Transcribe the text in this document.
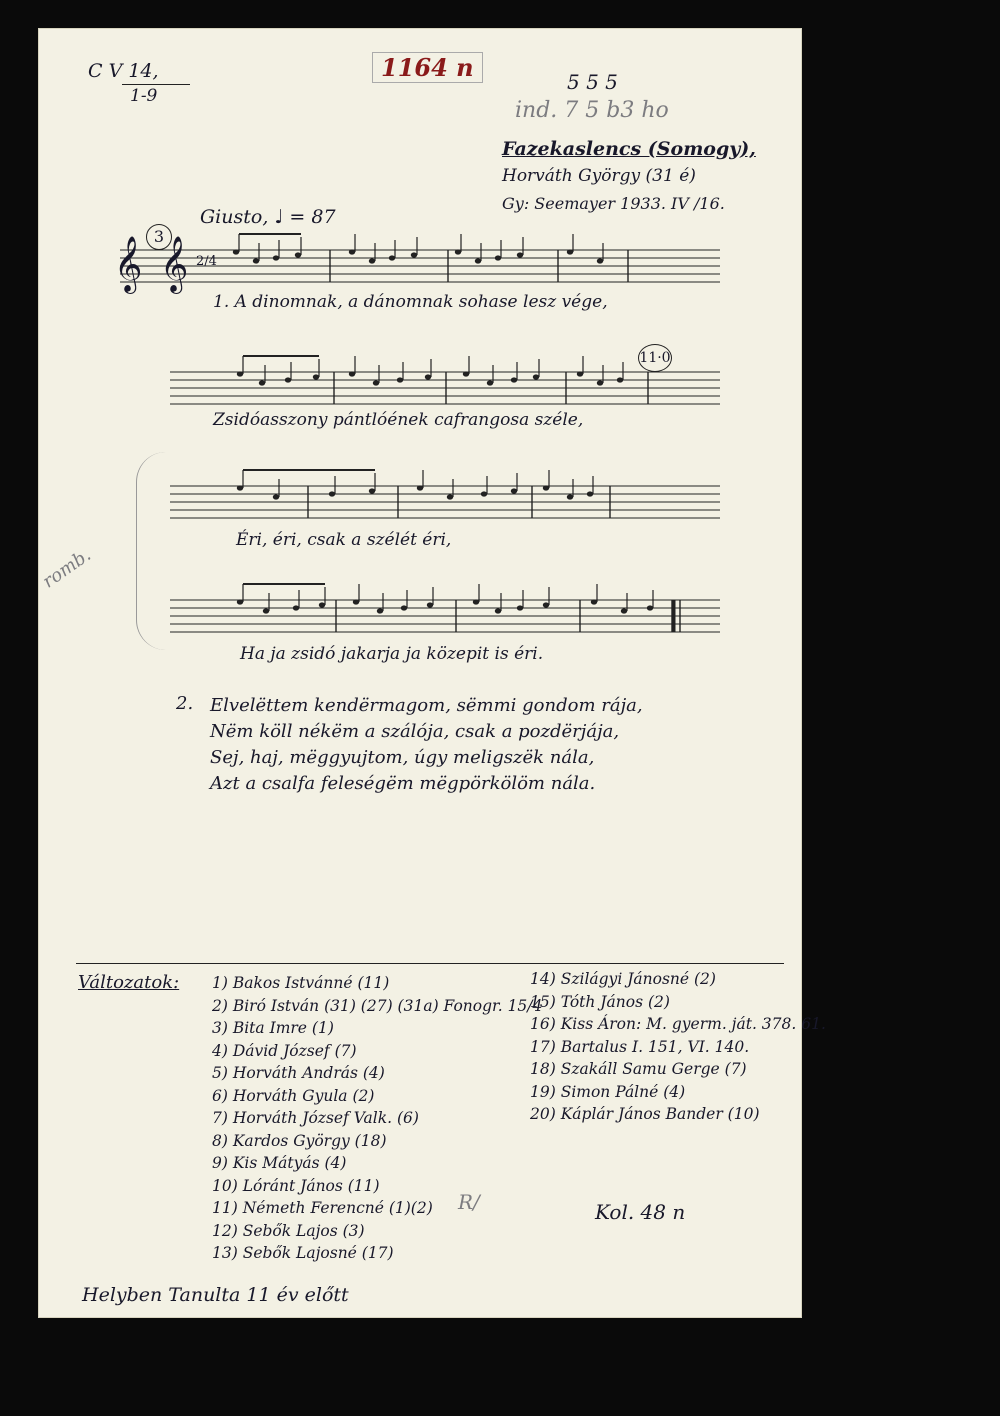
C V 14,
1-9
1164 n	5 5 5
ind. 7 5 b3 ho
Fazekaslencs (Somogy),
Horváth György (31 é)
Gy: Seemayer 1933. IV /16.
3
Giusto, ♩ = 87
𝄞 𝄞 2/4
11·0
romb.
1. A dinomnak, a dánomnak sohase lesz vége,
Zsidóasszony pántlóének cafrangosa széle,
Éri, éri, csak a szélét éri,
Ha ja zsidó jakarja ja közepit is éri.
2. Elvelëttem kendërmagom, sëmmi gondom rája,
Nëm köll nékëm a szálója, csak a pozdërjája,
Sej, haj, mëggyujtom, úgy meligszëk nála,
Azt a csalfa feleségëm mëgpörkölöm nála.
Változatok: 1) Bakos Istvánné (11)
2) Biró István (31) (27) (31a) Fonogr. 15/4
3) Bita Imre (1)
4) Dávid József (7)
5) Horváth András (4)
6) Horváth Gyula (2)
7) Horváth József Valk. (6)
8) Kardos György (18)
9) Kis Mátyás (4)
10) Lóránt János (11)
11) Németh Ferencné (1)(2)
12) Sebők Lajos (3)
13) Sebők Lajosné (17)
14) Szilágyi Jánosné (2)
15) Tóth János (2)
16) Kiss Áron: M. gyerm. ját. 378. 61.
17) Bartalus I. 151, VI. 140.
18) Szakáll Samu Gerge (7)
19) Simon Pálné (4)
20) Káplár János Bander (10)
R/	Kol. 48 n
Helyben Tanulta 11 év előtt
